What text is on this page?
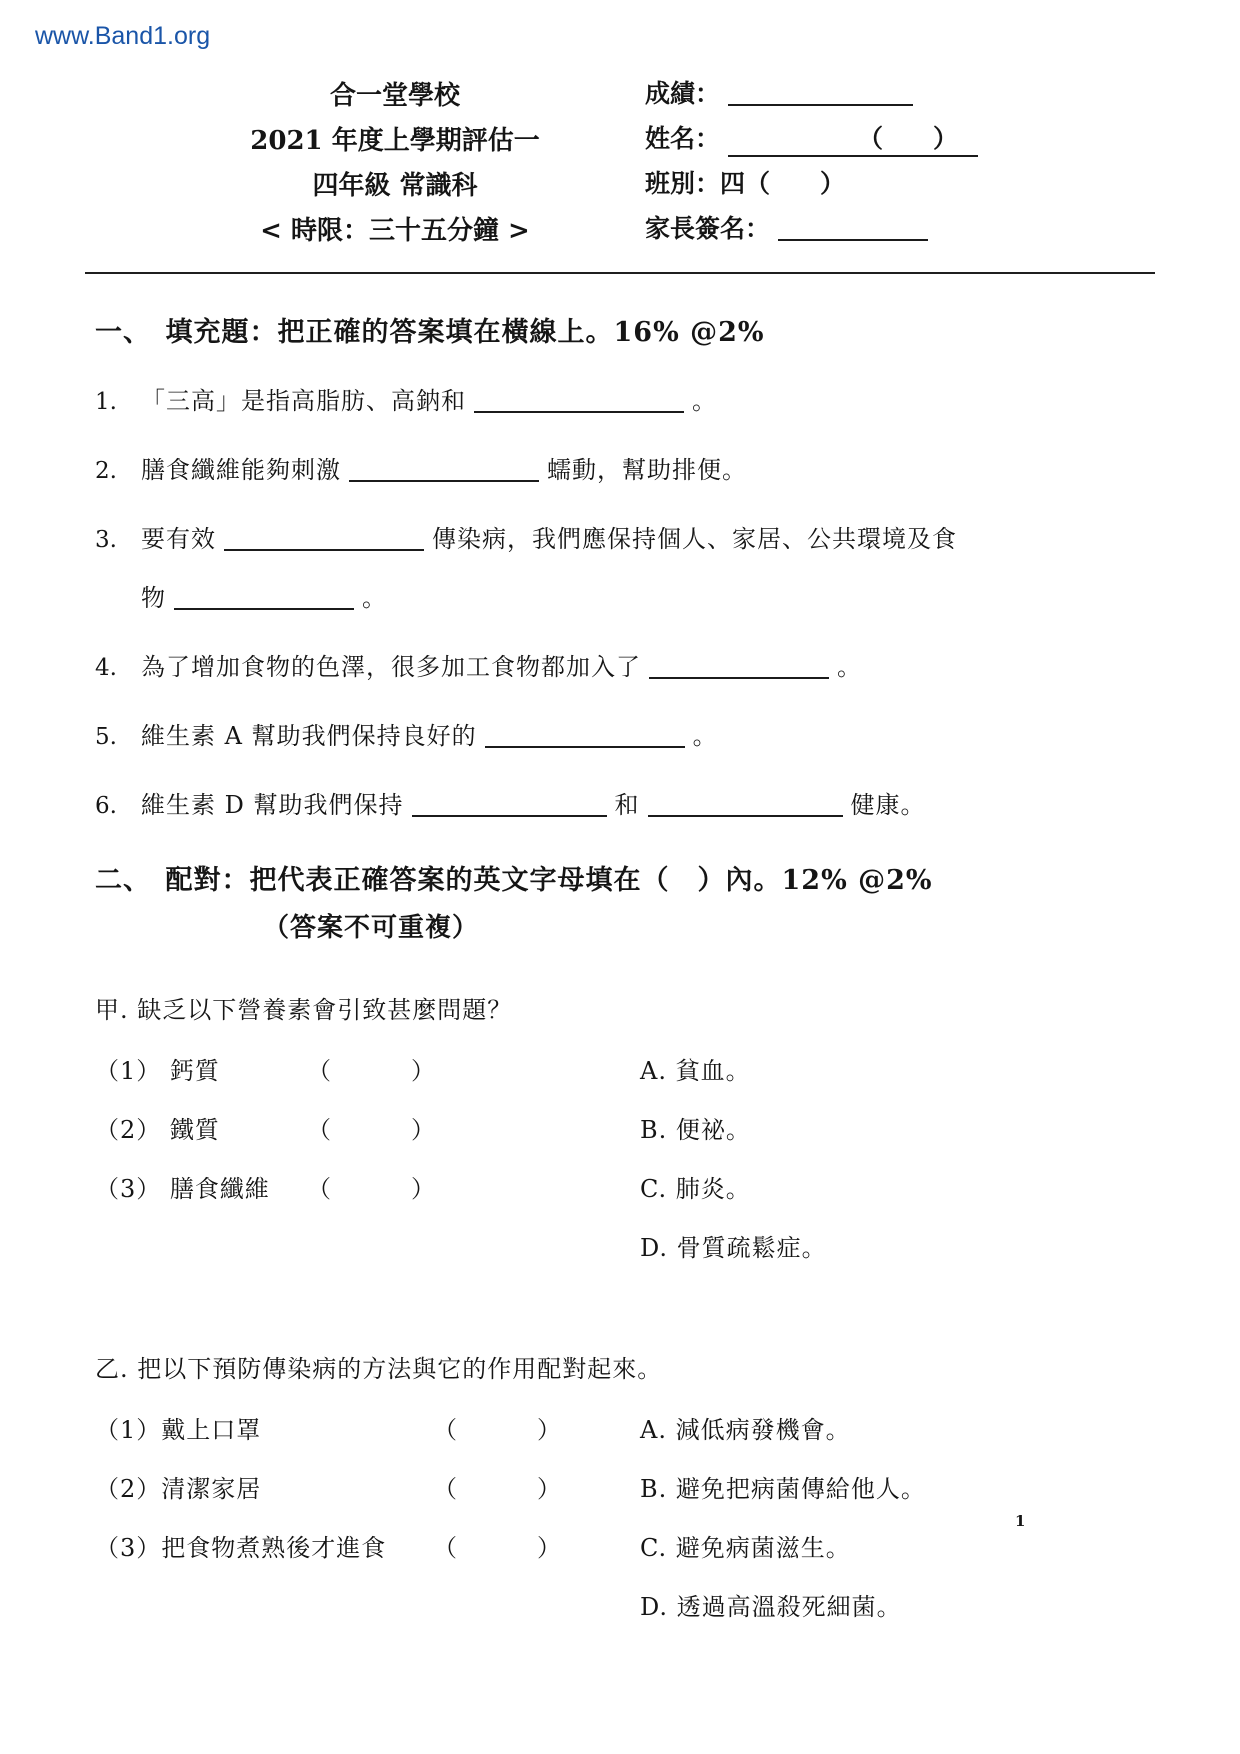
www.Band1.org
合一堂學校
2021 年度上學期評估一
四年級 常識科
< 時限：三十五分鐘 >
成績：
姓名：	（　　）
班別：四（　　）
家長簽名：
一、　填充題：把正確的答案填在橫線上。16% @2%
1.	「三高」是指高脂肪、高鈉和	。
2.	膳食纖維能夠刺激	蠕動，幫助排便。
3.	要有效	傳染病，我們應保持個人、家居、公共環境及食
物	。
4.	為了增加食物的色澤，很多加工食物都加入了	。
5.	維生素 A 幫助我們保持良好的	。
6.	維生素 D 幫助我們保持	和	健康。
二、　配對：把代表正確答案的英文字母填在（　）內。12% @2%
（答案不可重複）
甲. 缺乏以下營養素會引致甚麼問題？
（1） 鈣質	（　　　）
（2） 鐵質	（　　　）
（3） 膳食纖維	（　　　）
A. 貧血。
B. 便祕。
C. 肺炎。
D. 骨質疏鬆症。
乙. 把以下預防傳染病的方法與它的作用配對起來。
（1）戴上口罩	（　　　）
（2）清潔家居	（　　　）
（3）把食物煮熟後才進食	（　　　）
A. 減低病發機會。
B. 避免把病菌傳給他人。
C. 避免病菌滋生。
D. 透過高溫殺死細菌。
1
